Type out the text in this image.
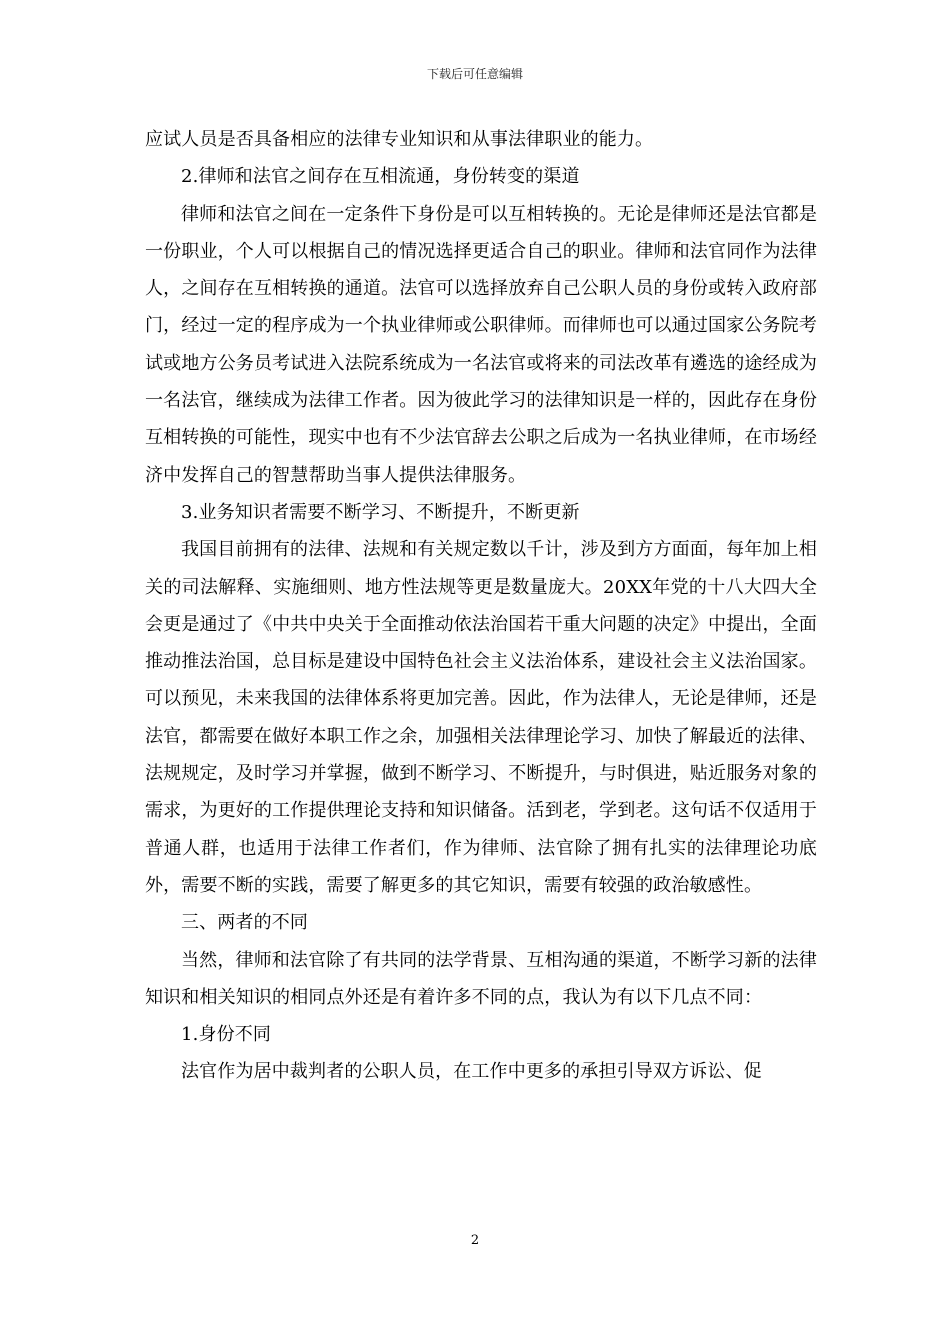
下载后可任意编辑

应试人员是否具备相应的法律专业知识和从事法律职业的能力。

2.律师和法官之间存在互相流通，身份转变的渠道

律师和法官之间在一定条件下身份是可以互相转换的。无论是律师还是法官都是一份职业，个人可以根据自己的情况选择更适合自己的职业。律师和法官同作为法律人，之间存在互相转换的通道。法官可以选择放弃自己公职人员的身份或转入政府部门，经过一定的程序成为一个执业律师或公职律师。而律师也可以通过国家公务院考试或地方公务员考试进入法院系统成为一名法官或将来的司法改革有遴选的途经成为一名法官，继续成为法律工作者。因为彼此学习的法律知识是一样的，因此存在身份互相转换的可能性，现实中也有不少法官辞去公职之后成为一名执业律师，在市场经济中发挥自己的智慧帮助当事人提供法律服务。

3.业务知识者需要不断学习、不断提升，不断更新

我国目前拥有的法律、法规和有关规定数以千计，涉及到方方面面，每年加上相关的司法解释、实施细则、地方性法规等更是数量庞大。20XX年党的十八大四大全会更是通过了《中共中央关于全面推动依法治国若干重大问题的决定》中提出，全面推动推法治国，总目标是建设中国特色社会主义法治体系，建设社会主义法治国家。可以预见，未来我国的法律体系将更加完善。因此，作为法律人，无论是律师，还是法官，都需要在做好本职工作之余，加强相关法律理论学习、加快了解最近的法律、法规规定，及时学习并掌握，做到不断学习、不断提升，与时俱进，贴近服务对象的需求，为更好的工作提供理论支持和知识储备。活到老，学到老。这句话不仅适用于普通人群，也适用于法律工作者们，作为律师、法官除了拥有扎实的法律理论功底外，需要不断的实践，需要了解更多的其它知识，需要有较强的政治敏感性。

三、两者的不同

当然，律师和法官除了有共同的法学背景、互相沟通的渠道，不断学习新的法律知识和相关知识的相同点外还是有着许多不同的点，我认为有以下几点不同：

1.身份不同

法官作为居中裁判者的公职人员，在工作中更多的承担引导双方诉讼、促

2
